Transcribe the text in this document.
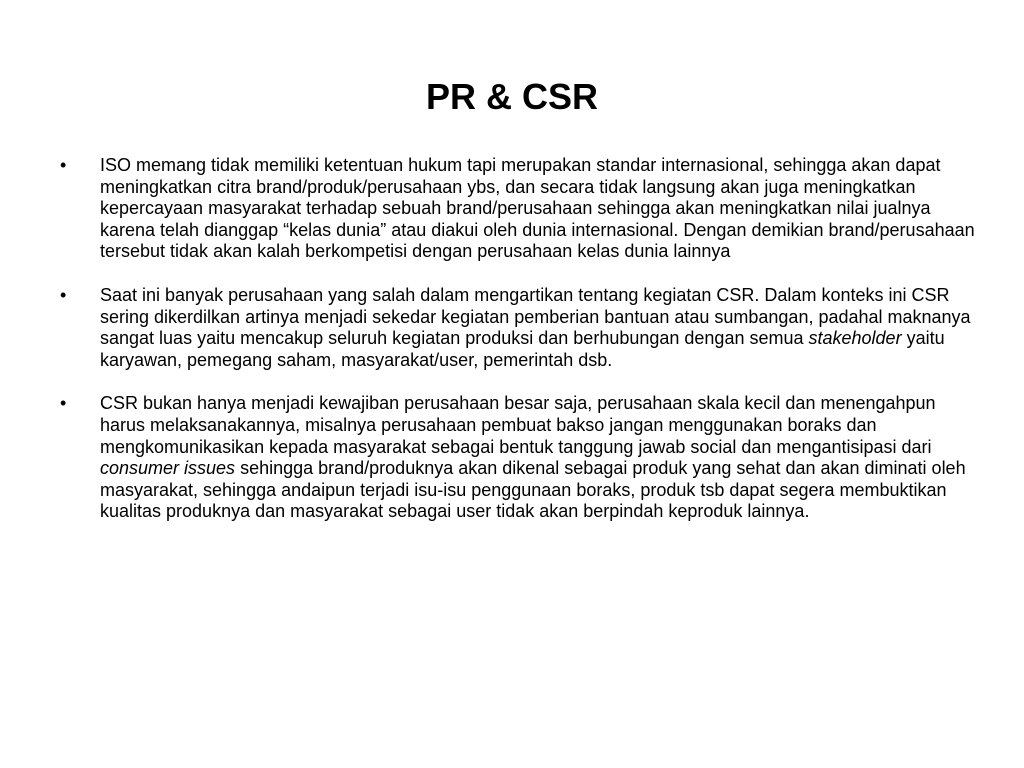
PR & CSR
• ISO memang tidak memiliki ketentuan hukum tapi merupakan standar internasional, sehingga akan dapat meningkatkan citra brand/produk/perusahaan ybs, dan secara tidak langsung akan juga meningkatkan kepercayaan masyarakat terhadap sebuah brand/perusahaan sehingga akan meningkatkan nilai jualnya karena telah dianggap “kelas dunia” atau diakui oleh dunia internasional. Dengan demikian brand/perusahaan tersebut tidak akan kalah berkompetisi dengan perusahaan kelas dunia lainnya
• Saat ini banyak perusahaan yang salah dalam mengartikan tentang kegiatan CSR. Dalam konteks ini CSR sering dikerdilkan artinya menjadi sekedar kegiatan pemberian bantuan atau sumbangan, padahal maknanya sangat luas yaitu mencakup seluruh kegiatan produksi dan berhubungan dengan semua stakeholder yaitu karyawan, pemegang saham, masyarakat/user, pemerintah dsb.
• CSR bukan hanya menjadi kewajiban perusahaan besar saja, perusahaan skala kecil dan menengahpun harus melaksanakannya, misalnya perusahaan pembuat bakso jangan menggunakan boraks dan mengkomunikasikan kepada masyarakat sebagai bentuk tanggung jawab social dan mengantisipasi dari consumer issues sehingga brand/produknya akan dikenal sebagai produk yang sehat dan akan diminati oleh masyarakat, sehingga andaipun terjadi isu-isu penggunaan boraks, produk tsb dapat segera membuktikan kualitas produknya dan masyarakat sebagai user tidak akan berpindah keproduk lainnya.
